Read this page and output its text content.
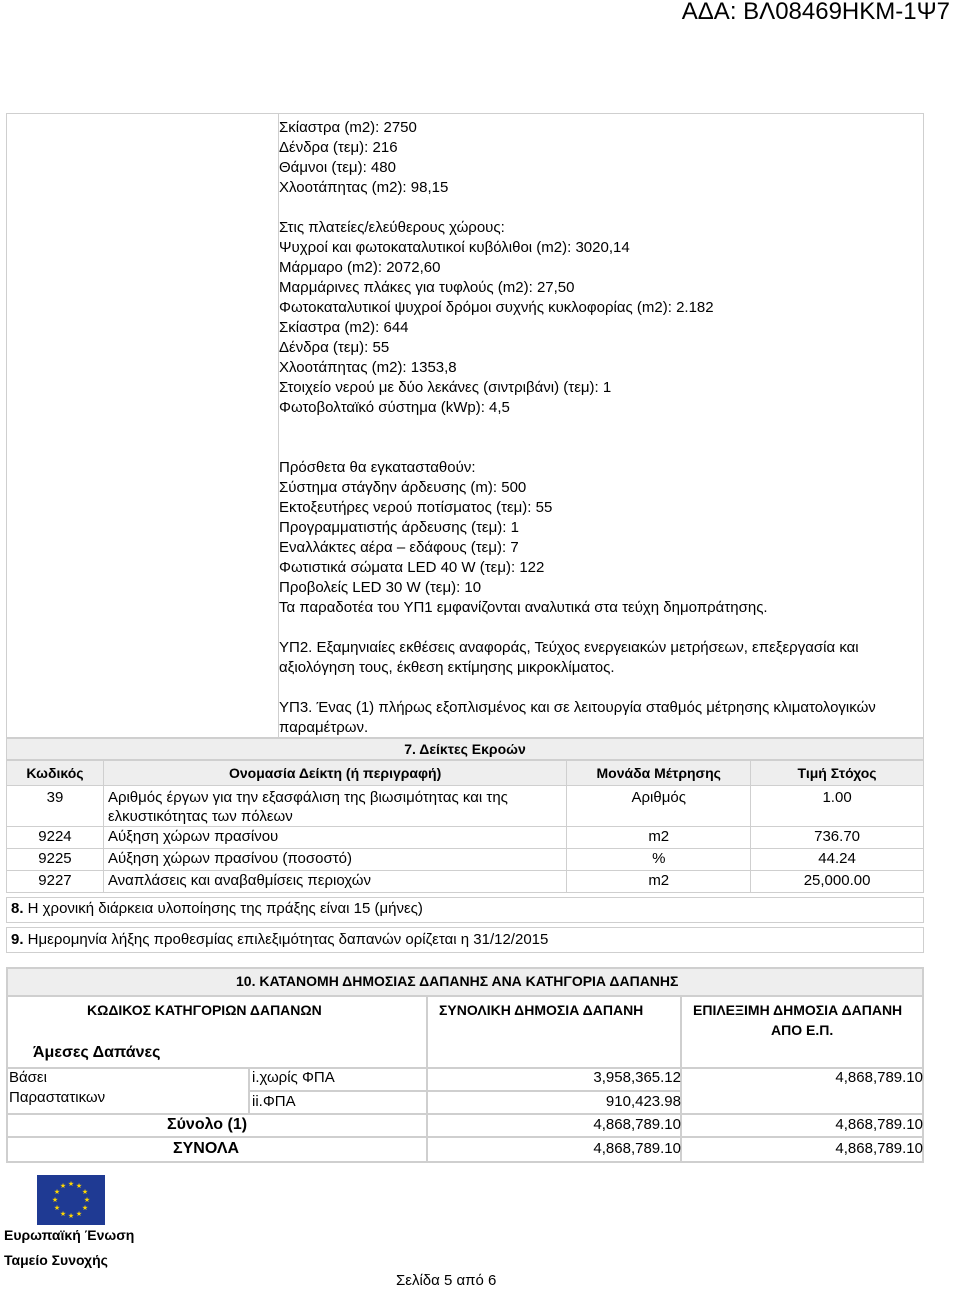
ΑΔΑ: ΒΛ08469ΗΚΜ-1Ψ7
Σκίαστρα (m2): 2750
Δένδρα (τεμ): 216
Θάμνοι (τεμ): 480
Χλοοτάπητας (m2): 98,15
Στις πλατείες/ελεύθερους χώρους:
Ψυχροί και φωτοκαταλυτικοί κυβόλιθοι (m2): 3020,14
Μάρμαρο (m2): 2072,60
Μαρμάρινες πλάκες για τυφλούς (m2): 27,50
Φωτοκαταλυτικοί ψυχροί δρόμοι συχνής κυκλοφορίας (m2): 2.182
Σκίαστρα (m2): 644
Δένδρα (τεμ): 55
Χλοοτάπητας (m2): 1353,8
Στοιχείο νερού με δύο λεκάνες (σιντριβάνι) (τεμ): 1
Φωτοβολταϊκό σύστημα (kWp): 4,5
Πρόσθετα θα εγκατασταθούν:
Σύστημα στάγδην άρδευσης (m): 500
Εκτοξευτήρες νερού ποτίσματος (τεμ): 55
Προγραμματιστής άρδευσης (τεμ): 1
Εναλλάκτες αέρα – εδάφους (τεμ): 7
Φωτιστικά σώματα LED 40 W (τεμ): 122
Προβολείς LED 30 W (τεμ): 10
Τα παραδοτέα του ΥΠ1 εμφανίζονται αναλυτικά στα τεύχη δημοπράτησης.
ΥΠ2. Εξαμηνιαίες εκθέσεις αναφοράς, Τεύχος ενεργειακών μετρήσεων, επεξεργασία και αξιολόγηση τους, έκθεση εκτίμησης μικροκλίματος.
ΥΠ3. Ένας (1) πλήρως εξοπλισμένος και σε λειτουργία σταθμός μέτρησης κλιματολογικών παραμέτρων.
7. Δείκτες Εκροών
Κωδικός	Ονομασία Δείκτη (ή περιγραφή)	Μονάδα Μέτρησης	Τιμή Στόχος
39	Αριθμός έργων για την εξασφάλιση της βιωσιμότητας και της ελκυστικότητας των πόλεων	Αριθμός	1.00
9224	Αύξηση χώρων πρασίνου	m2	736.70
9225	Αύξηση χώρων πρασίνου (ποσοστό)	%	44.24
9227	Αναπλάσεις και αναβαθμίσεις περιοχών	m2	25,000.00
8. Η χρονική διάρκεια υλοποίησης της πράξης είναι 15 (μήνες)
9. Ημερομηνία λήξης προθεσμίας επιλεξιμότητας δαπανών ορίζεται η 31/12/2015
10. ΚΑΤΑΝΟΜΗ ΔΗΜΟΣΙΑΣ ΔΑΠΑΝΗΣ ΑΝΑ ΚΑΤΗΓΟΡΙΑ ΔΑΠΑΝΗΣ
ΚΩΔΙΚΟΣ ΚΑΤΗΓΟΡΙΩΝ ΔΑΠΑΝΩΝ	ΣΥΝΟΛΙΚΗ ΔΗΜΟΣΙΑ ΔΑΠΑΝΗ	ΕΠΙΛΕΞΙΜΗ ΔΗΜΟΣΙΑ ΔΑΠΑΝΗ
ΑΠΟ Ε.Π.
Άμεσες Δαπάνες
Βάσει
Παραστατικων
i.χωρίς ΦΠΑ	3,958,365.12	4,868,789.10
ii.ΦΠΑ	910,423.98
Σύνολο (1)	4,868,789.10	4,868,789.10
ΣΥΝΟΛΑ	4,868,789.10	4,868,789.10
★ ★
★
★
★
★
★
★
★
★
★
★
Ευρωπαϊκή Ένωση
Ταμείο Συνοχής
Σελίδα 5 από 6
